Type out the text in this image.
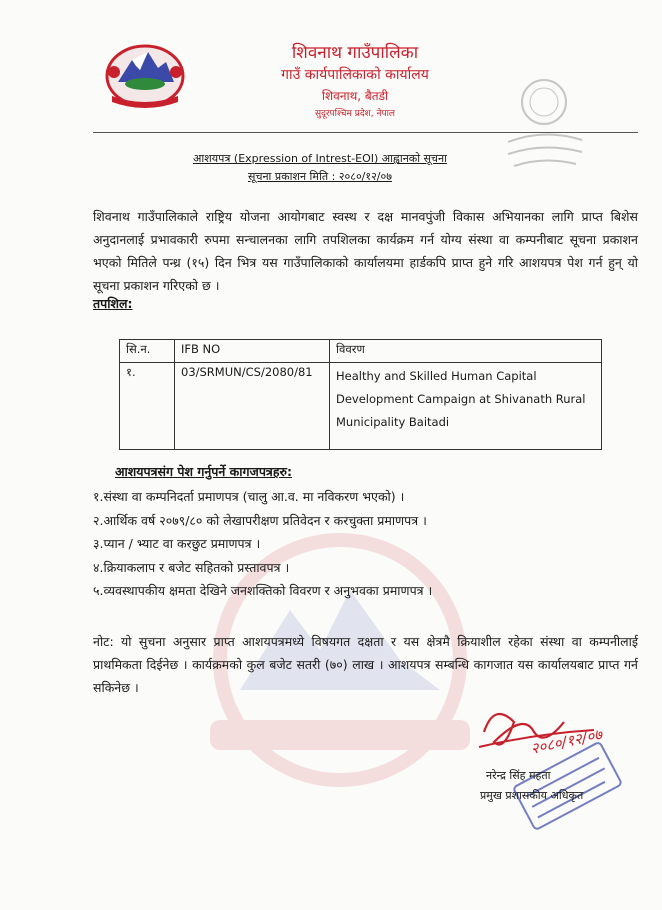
शिवनाथ गाउँपालिका
गाउँ कार्यपालिकाको कार्यालय
शिवनाथ, बैतडी
सुदूरपश्चिम प्रदेश, नेपाल
आशयपत्र (Expression of Intrest-EOI) आह्वानको सूचना
सूचना प्रकाशन मिति : २०८०/१२/०७
शिवनाथ गाउँपालिकाले राष्ट्रिय योजना आयोगबाट स्वस्थ र दक्ष मानवपुंजी विकास अभियानका लागि प्राप्त बिशेस अनुदानलाई प्रभावकारी रुपमा सन्चालनका लागि तपशिलका कार्यक्रम गर्न योग्य संस्था वा कम्पनीबाट सूचना प्रकाशन भएको मितिले पन्ध्र (१५) दिन भित्र यस गाउँपालिकाको कार्यालयमा हार्डकपि प्राप्त हुने गरि आशयपत्र पेश गर्न हुन् यो सूचना प्रकाशन गरिएको छ ।
तपशिल:
सि.न.	IFB NO	विवरण
१.	03/SRMUN/CS/2080/81	Healthy and Skilled Human Capital Development Campaign at Shivanath Rural Municipality Baitadi
आशयपत्रसंग पेश गर्नुपर्ने कागजपत्रहरु:
१.संस्था वा कम्पनिदर्ता प्रमाणपत्र (चालु आ.व. मा नविकरण भएको) ।
२.आर्थिक वर्ष २०७९/८० को लेखापरीक्षण प्रतिवेदन र करचुक्ता प्रमाणपत्र ।
३.प्यान / भ्याट वा करछुट प्रमाणपत्र ।
४.क्रियाकलाप र बजेट सहितको प्रस्तावपत्र ।
५.व्यवस्थापकीय क्षमता देखिने जनशक्तिको विवरण र अनुभवका प्रमाणपत्र ।
नोट: यो सुचना अनुसार प्राप्त आशयपत्रमध्ये विषयगत दक्षता र यस क्षेत्रमै क्रियाशील रहेका संस्था वा कम्पनीलाई प्राथमिकता दिईनेछ । कार्यक्रमको कुल बजेट सतरी (७०) लाख । आशयपत्र सम्बन्धि कागजात यस कार्यालयबाट प्राप्त गर्न सकिनेछ ।
२०८०/१२/०७
नरेन्द्र सिंह महता
प्रमुख प्रशासकीय अधिकृत
